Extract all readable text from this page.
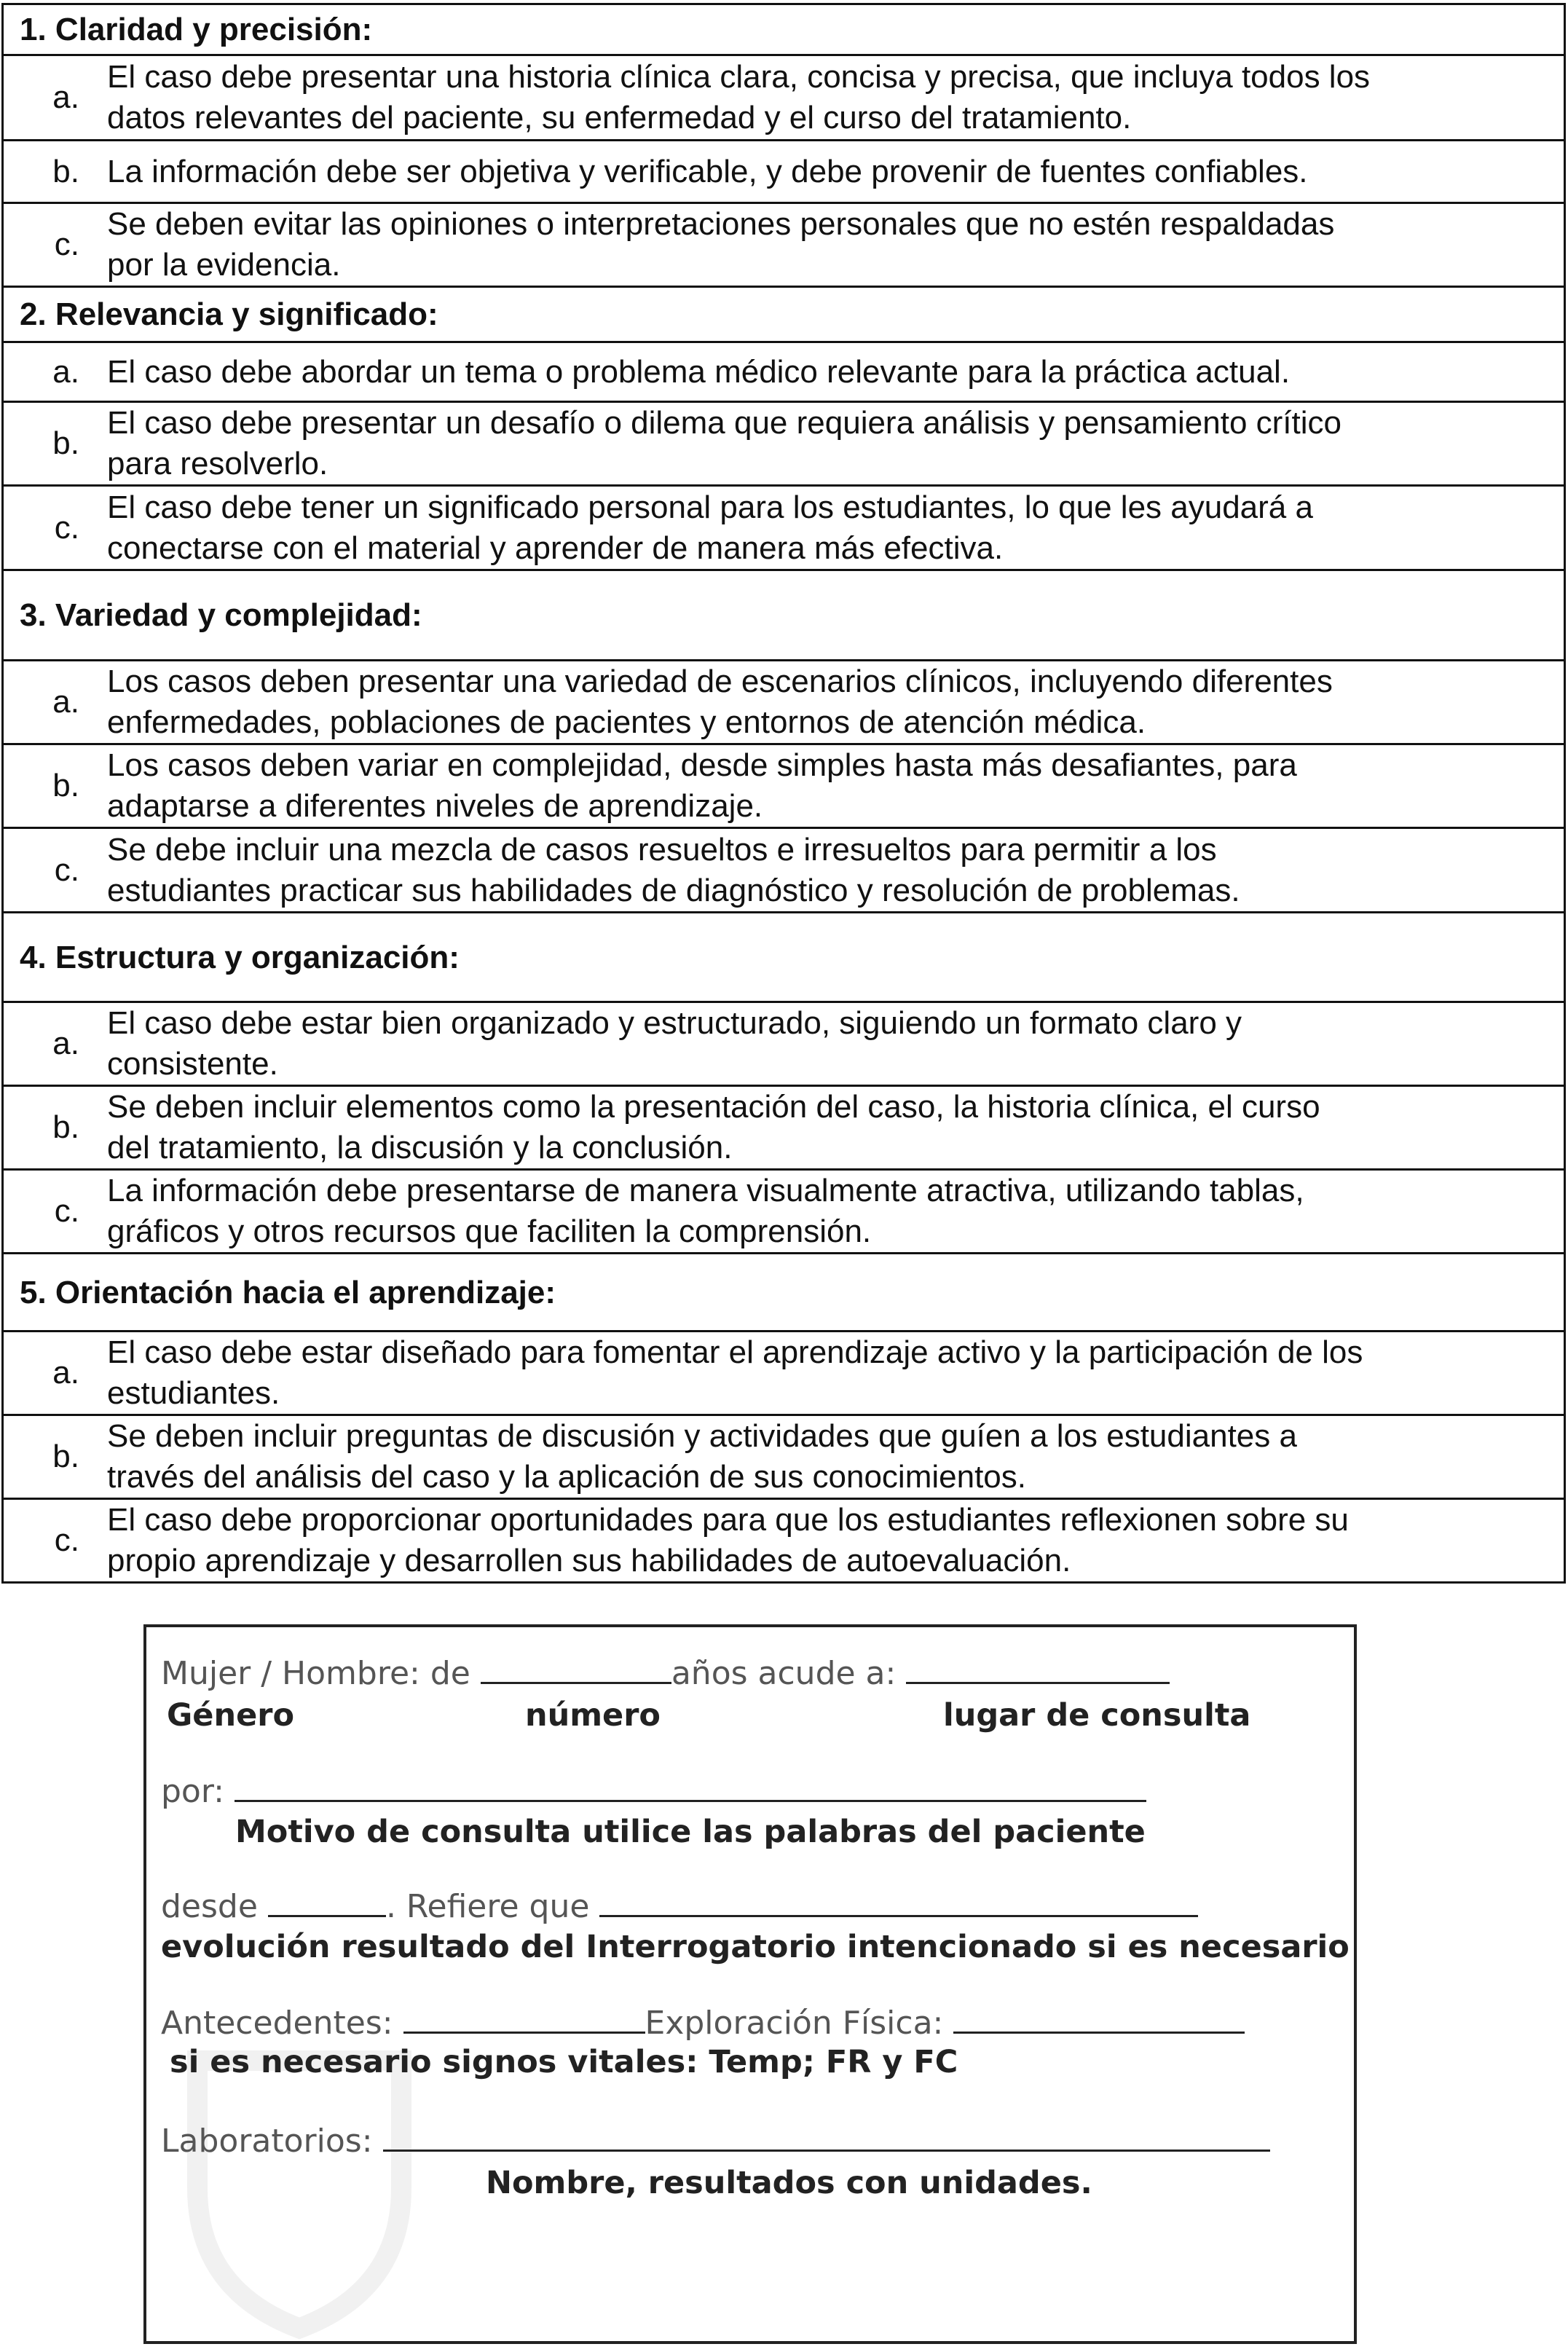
1. Claridad y precisión:
a.
El caso debe presentar una historia clínica clara, concisa y precisa, que incluya todos los
datos relevantes del paciente, su enfermedad y el curso del tratamiento.
b. La información debe ser objetiva y verificable, y debe provenir de fuentes confiables.
c.
Se deben evitar las opiniones o interpretaciones personales que no estén respaldadas
por la evidencia.
2. Relevancia y significado:
a. El caso debe abordar un tema o problema médico relevante para la práctica actual.
b.
El caso debe presentar un desafío o dilema que requiera análisis y pensamiento crítico
para resolverlo.
c.
El caso debe tener un significado personal para los estudiantes, lo que les ayudará a
conectarse con el material y aprender de manera más efectiva.
3. Variedad y complejidad:
a.
Los casos deben presentar una variedad de escenarios clínicos, incluyendo diferentes
enfermedades, poblaciones de pacientes y entornos de atención médica.
b.
Los casos deben variar en complejidad, desde simples hasta más desafiantes, para
adaptarse a diferentes niveles de aprendizaje.
c.
Se debe incluir una mezcla de casos resueltos e irresueltos para permitir a los
estudiantes practicar sus habilidades de diagnóstico y resolución de problemas.
4. Estructura y organización:
a.
El caso debe estar bien organizado y estructurado, siguiendo un formato claro y
consistente.
b.
Se deben incluir elementos como la presentación del caso, la historia clínica, el curso
del tratamiento, la discusión y la conclusión.
c.
La información debe presentarse de manera visualmente atractiva, utilizando tablas,
gráficos y otros recursos que faciliten la comprensión.
5. Orientación hacia el aprendizaje:
a.
El caso debe estar diseñado para fomentar el aprendizaje activo y la participación de los
estudiantes.
b.
Se deben incluir preguntas de discusión y actividades que guíen a los estudiantes a
través del análisis del caso y la aplicación de sus conocimientos.
c.
El caso debe proporcionar oportunidades para que los estudiantes reflexionen sobre su
propio aprendizaje y desarrollen sus habilidades de autoevaluación.
Mujer / Hombre: de	años acude a:
Género	número	lugar de consulta
por:
Motivo de consulta utilice las palabras del paciente
desde	. Refiere que
evolución resultado del Interrogatorio intencionado si es necesario
Antecedentes:	Exploración Física:
si es necesario signos vitales: Temp; FR y FC
Laboratorios:
Nombre, resultados con unidades.
